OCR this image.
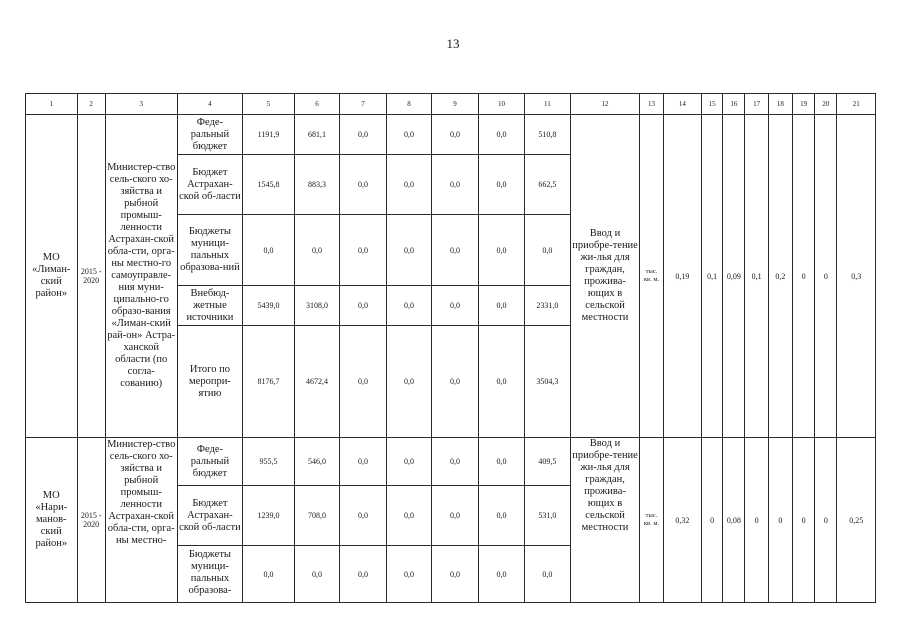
13
1	2	3	4	5	6	7	8	9	10	11	12	13	14	15	16	17	18	19	20	21
МО «Лиман-ский район»	2015 - 2020	Министер-ство сель-ского хо-зяйства и рыбной промыш-ленности Астрахан-ской обла-сти, орга-ны местно-го самоуправле-ния муни-ципально-го образо-вания «Лиман-ский рай-он» Астра-ханской области (по согла-сованию)	Феде-ральный бюджет	1191,9	681,1	0,0	0,0	0,0	0,0	510,8	Ввод и приобре-тение жи-лья для граждан, прожива-ющих в сельской местности	тыс. кв. м.	0,19	0,1	0,09	0,1	0,2	0	0	0,3
			Бюджет Астрахан-ской об-ласти	1545,8	883,3	0,0	0,0	0,0	0,0	662,5										
			Бюджеты муници-пальных образова-ний	0,0	0,0	0,0	0,0	0,0	0,0	0,0										
			Внебюд-жетные источники	5439,0	3108,0	0,0	0,0	0,0	0,0	2331,0										
			Итого по меропри-ятию	8176,7	4672,4	0,0	0,0	0,0	0,0	3504,3										
МО «Нари-манов-ский район»	2015 - 2020	Министер-ство сель-ского хо-зяйства и рыбной промыш-ленности Астрахан-ской обла-сти, орга-ны местно-	Феде-ральный бюджет	955,5	546,0	0,0	0,0	0,0	0,0	409,5	Ввод и приобре-тение жи-лья для граждан, прожива-ющих в сельской местности	тыс. кв. м.	0,32	0	0,08	0	0	0	0	0,25
			Бюджет Астрахан-ской об-ласти	1239,0	708,0	0,0	0,0	0,0	0,0	531,0										
			Бюджеты муници-пальных образова-	0,0	0,0	0,0	0,0	0,0	0,0	0,0										
